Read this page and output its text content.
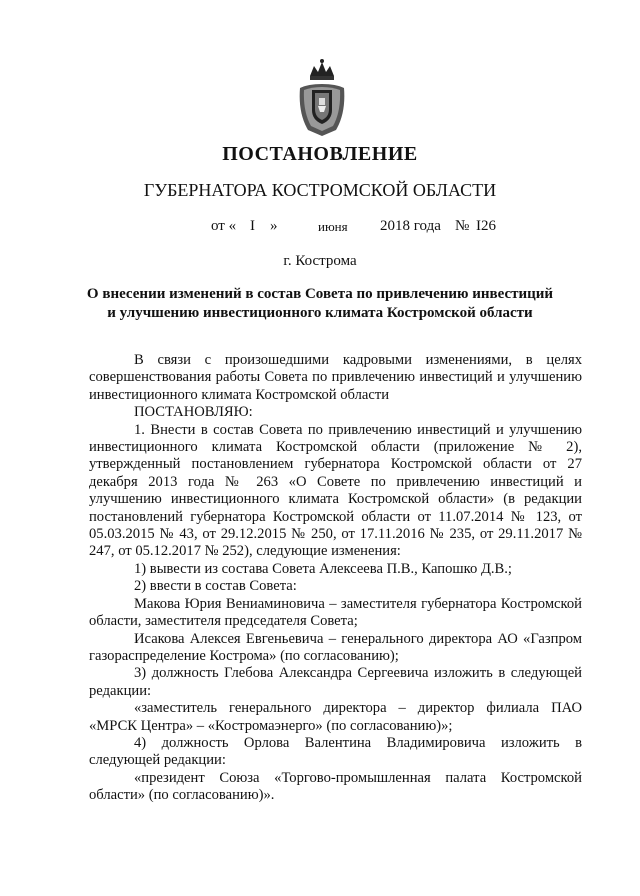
ПОСТАНОВЛЕНИЕ
ГУБЕРНАТОРА КОСТРОМСКОЙ ОБЛАСТИ
от « I »	июня 2018 года № I26
г. Кострома
О внесении изменений в состав Совета по привлечению инвестиций
и улучшению инвестиционного климата Костромской области

В связи с произошедшими кадровыми изменениями, в целях совершенствования работы Совета по привлечению инвестиций и улучшению инвестиционного климата Костромской области

ПОСТАНОВЛЯЮ:

1. Внести в состав Совета по привлечению инвестиций и улучшению инвестиционного климата Костромской области (приложение № 2), утвержденный постановлением губернатора Костромской области от 27 декабря 2013 года № 263 «О Совете по привлечению инвестиций и улучшению инвестиционного климата Костромской области» (в редакции постановлений губернатора Костромской области от 11.07.2014 № 123, от 05.03.2015 № 43, от 29.12.2015 № 250, от 17.11.2016 № 235, от 29.11.2017 № 247, от 05.12.2017 № 252), следующие изменения:

1) вывести из состава Совета Алексеева П.В., Капошко Д.В.;

2) ввести в состав Совета:

Макова Юрия Вениаминовича – заместителя губернатора Костромской области, заместителя председателя Совета;

Исакова Алексея Евгеньевича – генерального директора АО «Газпром газораспределение Кострома» (по согласованию);

3) должность Глебова Александра Сергеевича изложить в следующей редакции:

«заместитель генерального директора – директор филиала ПАО «МРСК Центра» – «Костромаэнерго» (по согласованию)»;

4) должность Орлова Валентина Владимировича изложить в следующей редакции:

«президент Союза «Торгово-промышленная палата Костромской области» (по согласованию)».
